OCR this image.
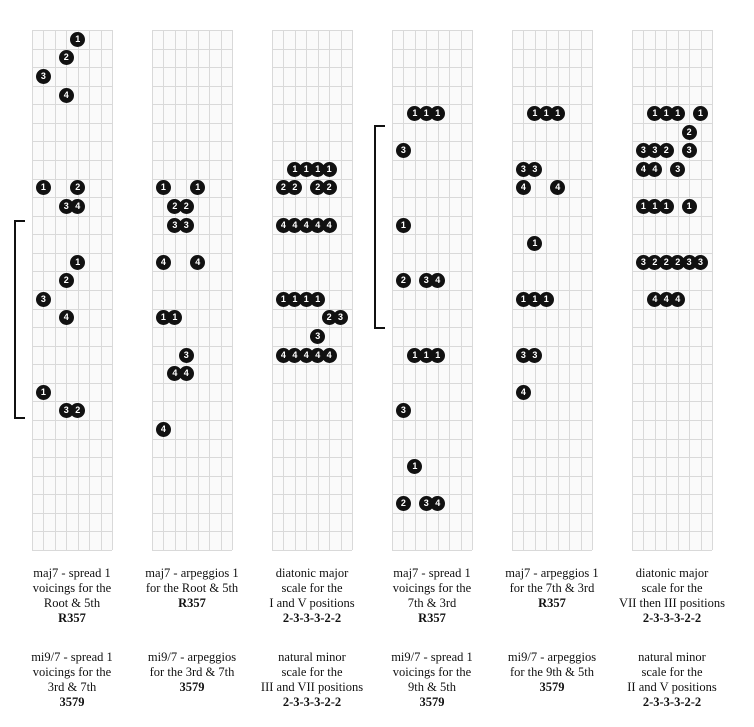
1
2
3
4
1	2
3 4
1
2
3
4
1
3 2
maj7 - spread 1
voicings for the
Root & 5th
R357
mi9/7 - spread 1
voicings for the
3rd & 7th
3579
1	1
2 2
3 3
4	4
1 1
3
4 4
4
maj7 - arpeggios 1
for the Root & 5th
R357
mi9/7 - arpeggios
for the 3rd & 7th
3579
1 1 1 1
2 2	2 2
4 4 4 4 4
1 1 1 1
2 3
3
4 4 4 4 4
diatonic major
scale for the
I and V positions
2-3-3-3-2-2
natural minor
scale for the
III and VII positions
2-3-3-3-2-2
1 1 1
3
1
2	3 4
1 1 1
3
1
2	3 4
maj7 - spread 1
voicings for the
7th & 3rd
R357
mi9/7 - spread 1
voicings for the
9th & 5th
3579
1 1 1
3 3
4	4
1
1 1 1
3 3
4
maj7 - arpeggios 1
for the 7th & 3rd
R357
mi9/7 - arpeggios
for the 9th & 5th
3579
1 1 1	1
2
3 3 2	3
4 4	3
1 1 1	1
3 2 2 2 3 3
4 4 4
diatonic major
scale for the
VII then III positions
2-3-3-3-2-2
natural minor
scale for the
II and V positions
2-3-3-3-2-2
